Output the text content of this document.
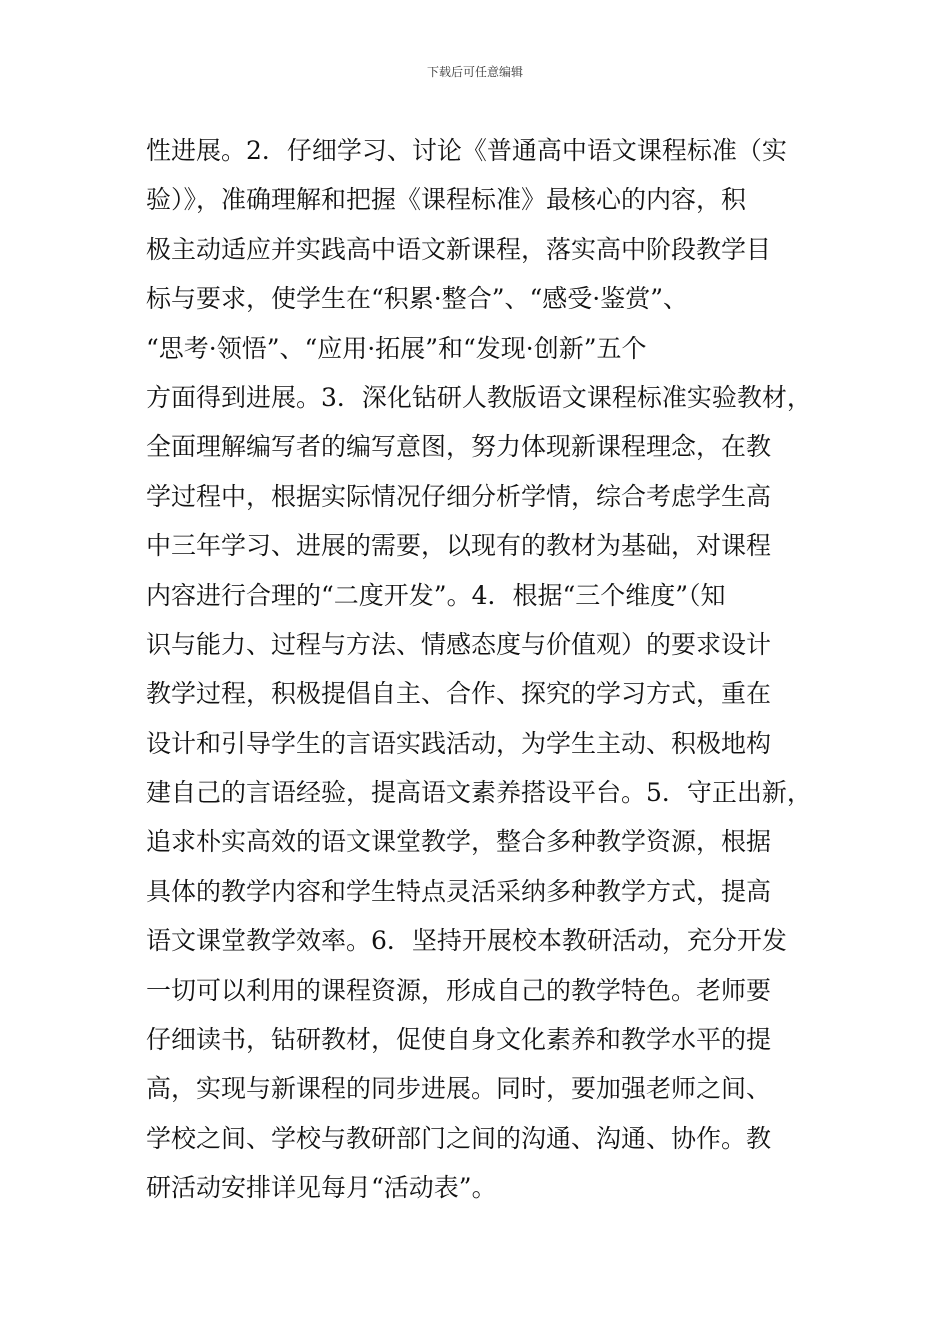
下载后可任意编辑
性进展。2．仔细学习、讨论《普通高中语文课程标准（实
验）》，准确理解和把握《课程标准》最核心的内容，积
极主动适应并实践高中语文新课程，落实高中阶段教学目
标与要求，使学生在“积累·整合”、“感受·鉴赏”、
“思考·领悟”、“应用·拓展”和“发现·创新”五个
方面得到进展。3．深化钻研人教版语文课程标准实验教材，
全面理解编写者的编写意图，努力体现新课程理念，在教
学过程中，根据实际情况仔细分析学情，综合考虑学生高
中三年学习、进展的需要，以现有的教材为基础，对课程
内容进行合理的“二度开发”。4．根据“三个维度”（知
识与能力、过程与方法、情感态度与价值观）的要求设计
教学过程，积极提倡自主、合作、探究的学习方式，重在
设计和引导学生的言语实践活动，为学生主动、积极地构
建自己的言语经验，提高语文素养搭设平台。5．守正出新，
追求朴实高效的语文课堂教学，整合多种教学资源，根据
具体的教学内容和学生特点灵活采纳多种教学方式，提高
语文课堂教学效率。6．坚持开展校本教研活动，充分开发
一切可以利用的课程资源，形成自己的教学特色。老师要
仔细读书，钻研教材，促使自身文化素养和教学水平的提
高，实现与新课程的同步进展。同时，要加强老师之间、
学校之间、学校与教研部门之间的沟通、沟通、协作。教
研活动安排详见每月“活动表”。
